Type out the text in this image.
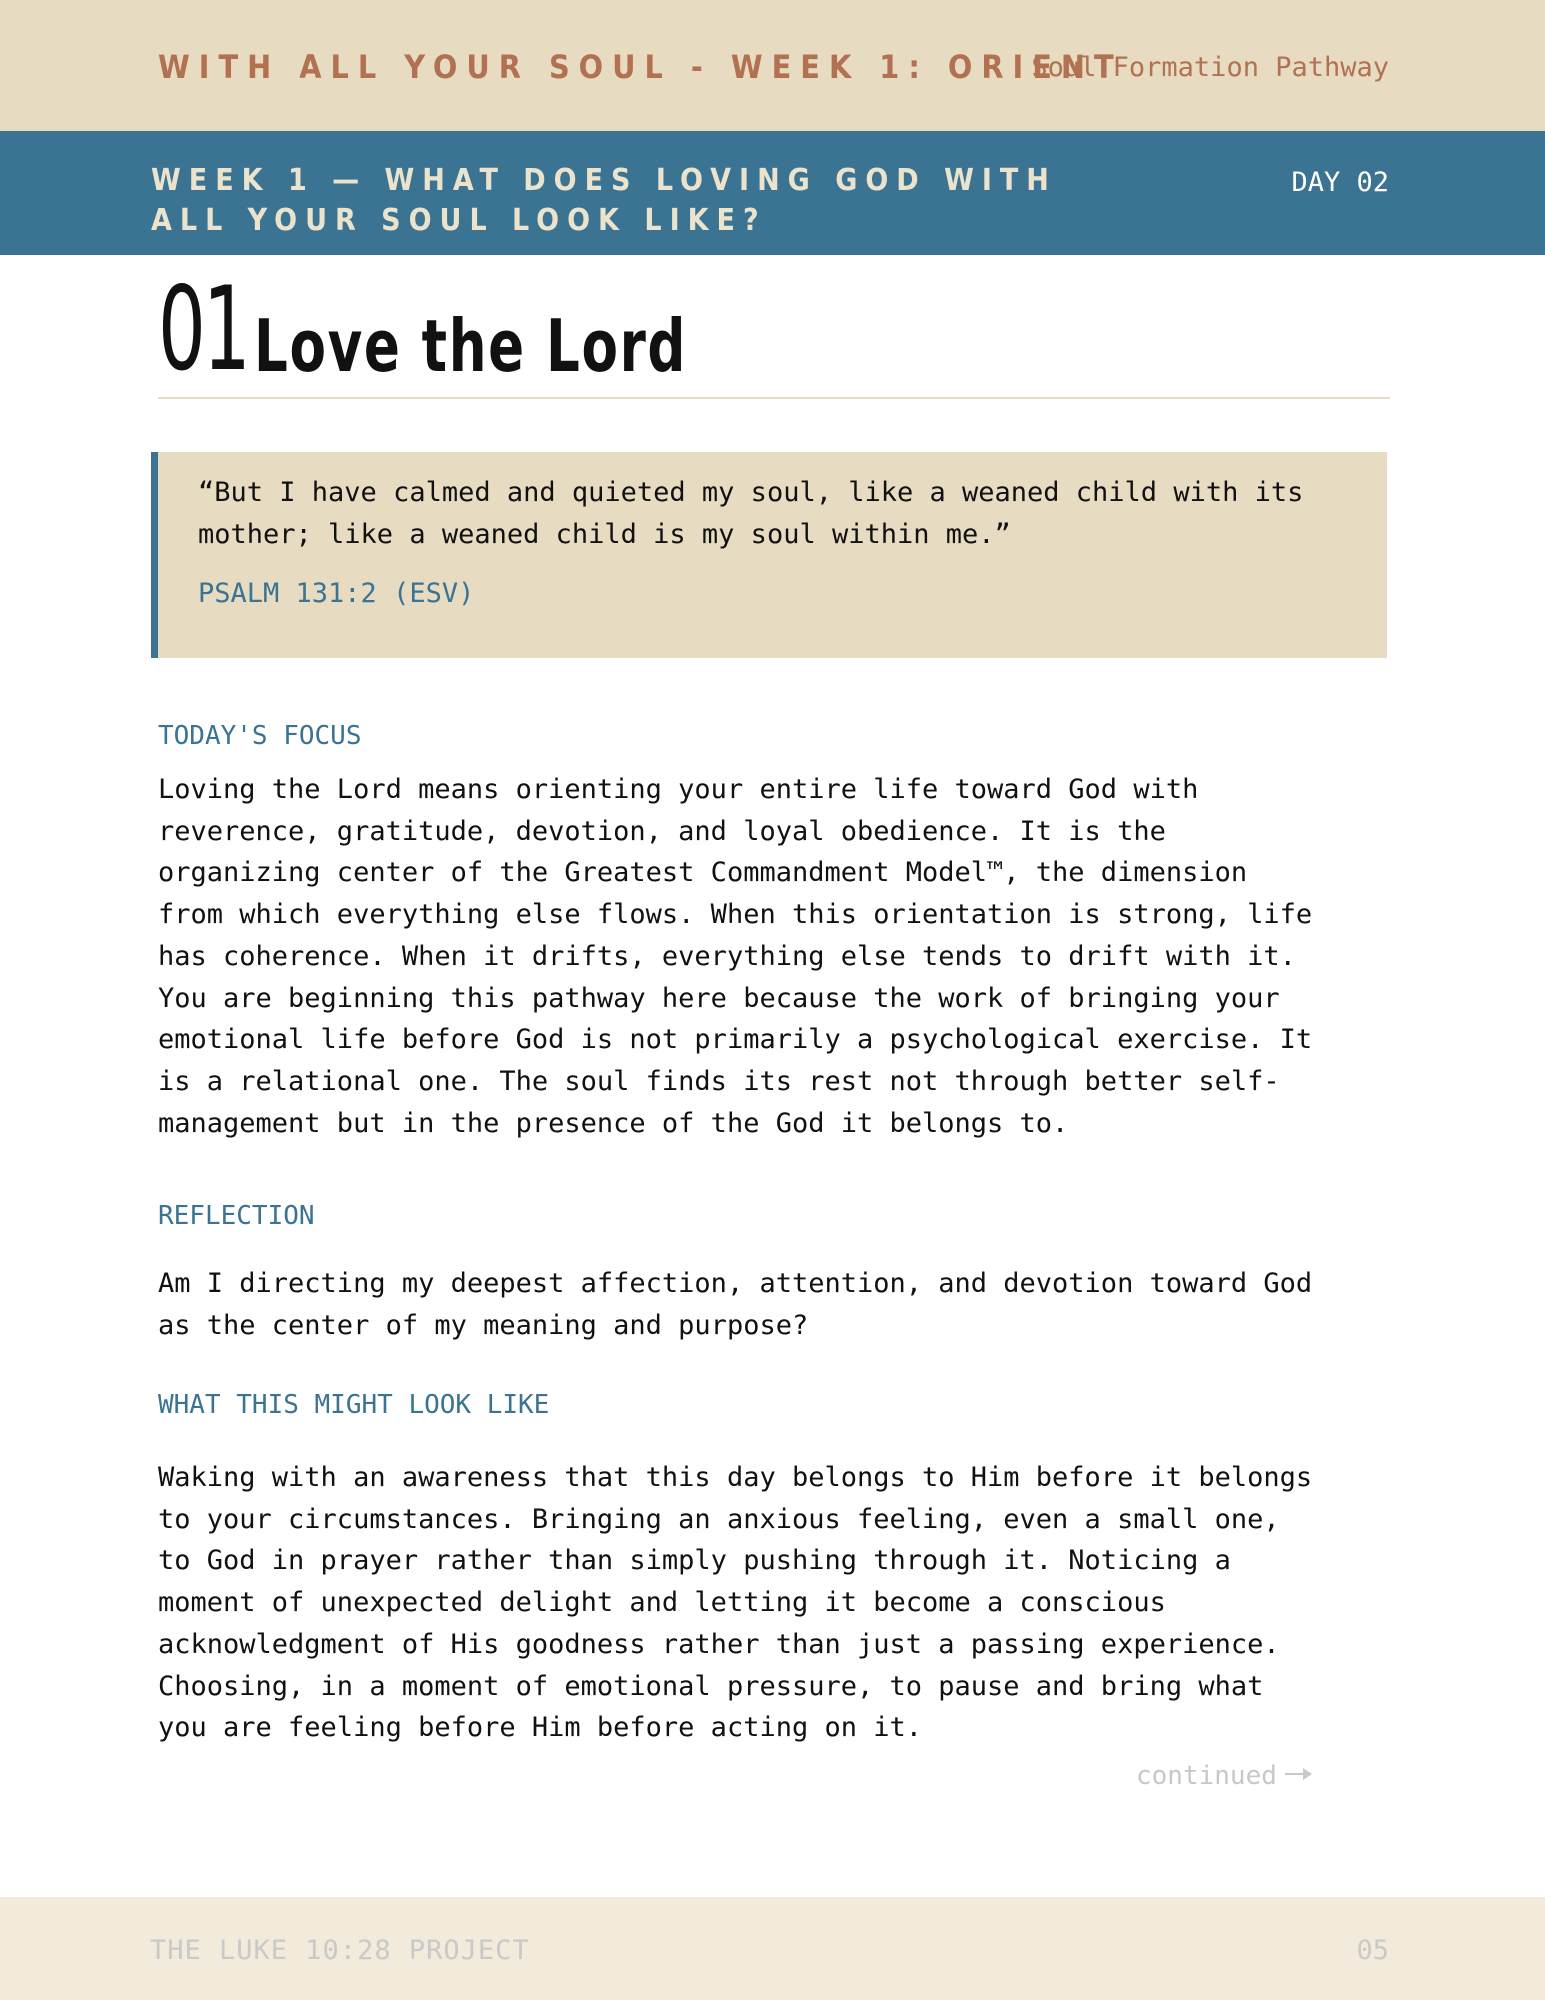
WITH ALL YOUR SOUL - WEEK 1: ORIENT
Soul Formation Pathway
WEEK 1 — WHAT DOES LOVING GOD WITH ALL YOUR SOUL LOOK LIKE?
DAY 02
01 Love the Lord
“But I have calmed and quieted my soul, like a weaned child with its mother; like a weaned child is my soul within me.”
PSALM 131:2 (ESV)
TODAY'S FOCUS
Loving the Lord means orienting your entire life toward God with reverence, gratitude, devotion, and loyal obedience. It is the organizing center of the Greatest Commandment Model™, the dimension from which everything else flows. When this orientation is strong, life has coherence. When it drifts, everything else tends to drift with it. You are beginning this pathway here because the work of bringing your emotional life before God is not primarily a psychological exercise. It is a relational one. The soul finds its rest not through better self-management but in the presence of the God it belongs to.
REFLECTION
Am I directing my deepest affection, attention, and devotion toward God as the center of my meaning and purpose?
WHAT THIS MIGHT LOOK LIKE
Waking with an awareness that this day belongs to Him before it belongs to your circumstances. Bringing an anxious feeling, even a small one, to God in prayer rather than simply pushing through it. Noticing a moment of unexpected delight and letting it become a conscious acknowledgment of His goodness rather than just a passing experience. Choosing, in a moment of emotional pressure, to pause and bring what you are feeling before Him before acting on it.
continued
THE LUKE 10:28 PROJECT	05
